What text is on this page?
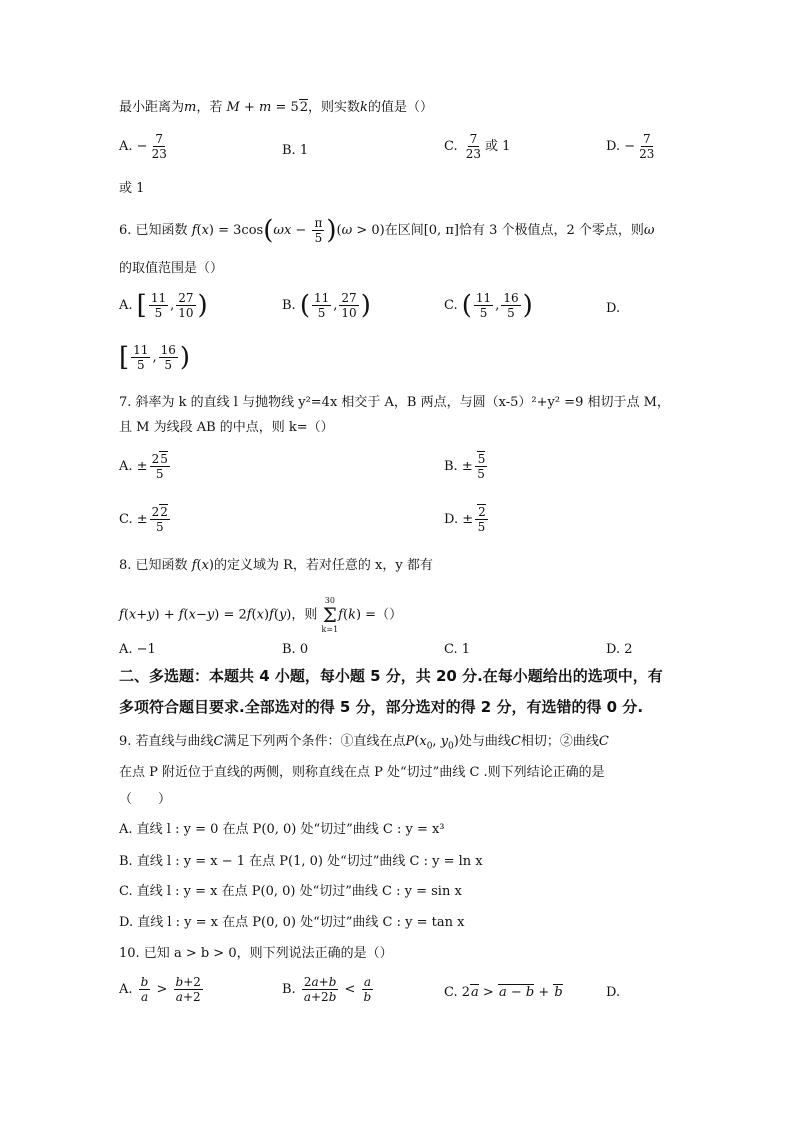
最小距离为m，若 M + m = 52，则实数k的值是（）
A. − $\frac{7}{23}$	B. 1	C. $\frac{7}{23}$ 或 1	D. − $\frac{7}{23}$
或 1
6. 已知函数 $f(x) = 3\cos(\omega x - \frac{\pi}{5} )(\omega > 0)$在区间[0, π]恰有 3 个极值点，2 个零点，则ω
的取值范围是（）
A. [ $\frac{11}{5}$ , $\frac{27}{10}$ )	B. ( $\frac{11}{5}$ , $\frac{27}{10}$ )	C. ( $\frac{11}{5}$ , $\frac{16}{5}$ )	D.
[ $\frac{11}{5}$ , $\frac{16}{5}$ )
7. 斜率为 k 的直线 l 与抛物线 y²=4x 相交于 A，B 两点，与圆（x-5）²+y² =9 相切于点 M，
且 M 为线段 AB 的中点，则 k=（）
A. ± $\frac{25}{5}$	B. ± $\frac{5}{5}$
C. ± $\frac{22}{5}$	D. ± $\frac{2}{5}$
8. 已知函数 f(x)的定义域为 R，若对任意的 x，y 都有
f(x+y) + f(x−y) = 2f(x)f(y)，则
30
Σ
k=1
f(k) =（）
A. −1	B. 0	C. 1	D. 2
二、多选题：本题共 4 小题，每小题 5 分，共 20 分.在每小题给出的选项中，有
多项符合题目要求.全部选对的得 5 分，部分选对的得 2 分，有选错的得 0 分.
9. 若直线与曲线C满足下列两个条件：①直线在点$P(x_0$, $y_0$)处与曲线C相切；②曲线C
在点 P 附近位于直线的两侧，则称直线在点 P 处“切过”曲线 C .则下列结论正确的是
（　　）
A. 直线 l : y = 0 在点 P(0, 0) 处“切过”曲线 C : y = x³
B. 直线 l : y = x − 1 在点 P(1, 0) 处“切过”曲线 C : y = ln x
C. 直线 l : y = x 在点 P(0, 0) 处“切过”曲线 C : y = sin x
D. 直线 l : y = x 在点 P(0, 0) 处“切过”曲线 C : y = tan x
10. 已知 a > b > 0，则下列说法正确的是（）
A. $\frac{b}{a} > \frac{b+2}{a+2}$	B. $\frac{2a+b}{a+2b} < \frac{a}{b}$	C. 2a > a − b + b	D.
